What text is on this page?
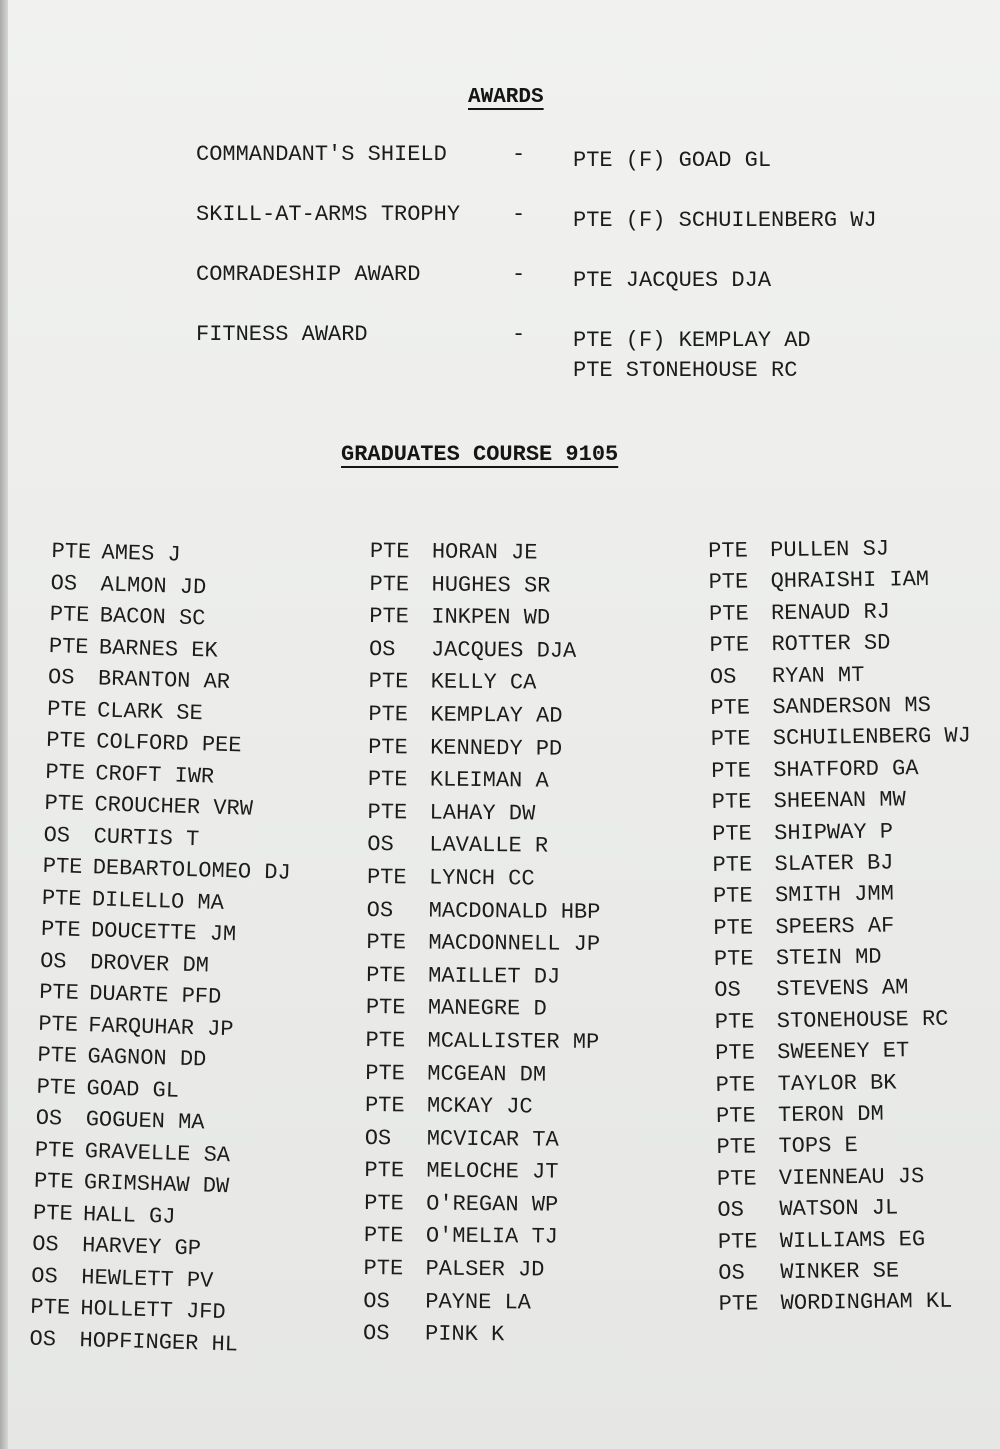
AWARDS
COMMANDANT'S SHIELD	- PTE (F) GOAD GL
SKILL-AT-ARMS TROPHY - PTE (F) SCHUILENBERG WJ
COMRADESHIP AWARD	- PTE JACQUES DJA
FITNESS AWARD	- PTE (F) KEMPLAY AD
PTE STONEHOUSE RC
GRADUATES COURSE 9105
PTE AMES J
OS ALMON JD
PTE BACON SC
PTE BARNES EK
OS BRANTON AR
PTE CLARK SE
PTE COLFORD PEE
PTE CROFT IWR
PTE CROUCHER VRW
OS CURTIS T
PTE DEBARTOLOMEO DJ
PTE DILELLO MA
PTE DOUCETTE JM
OS DROVER DM
PTE DUARTE PFD
PTE FARQUHAR JP
PTE GAGNON DD
PTE GOAD GL
OS GOGUEN MA
PTE GRAVELLE SA
PTE GRIMSHAW DW
PTE HALL GJ
OS HARVEY GP
OS HEWLETT PV
PTE HOLLETT JFD
OS HOPFINGER HL
PTE HORAN JE
PTE HUGHES SR
PTE INKPEN WD
OS JACQUES DJA
PTE KELLY CA
PTE KEMPLAY AD
PTE KENNEDY PD
PTE KLEIMAN A
PTE LAHAY DW
OS LAVALLE R
PTE LYNCH CC
OS MACDONALD HBP
PTE MACDONNELL JP
PTE MAILLET DJ
PTE MANEGRE D
PTE MCALLISTER MP
PTE MCGEAN DM
PTE MCKAY JC
OS MCVICAR TA
PTE MELOCHE JT
PTE O'REGAN WP
PTE O'MELIA TJ
PTE PALSER JD
OS PAYNE LA
OS PINK K
PTE PULLEN SJ
PTE QHRAISHI IAM
PTE RENAUD RJ
PTE ROTTER SD
OS RYAN MT
PTE SANDERSON MS
PTE SCHUILENBERG WJ
PTE SHATFORD GA
PTE SHEENAN MW
PTE SHIPWAY P
PTE SLATER BJ
PTE SMITH JMM
PTE SPEERS AF
PTE STEIN MD
OS STEVENS AM
PTE STONEHOUSE RC
PTE SWEENEY ET
PTE TAYLOR BK
PTE TERON DM
PTE TOPS E
PTE VIENNEAU JS
OS WATSON JL
PTE WILLIAMS EG
OS WINKER SE
PTE WORDINGHAM KL
